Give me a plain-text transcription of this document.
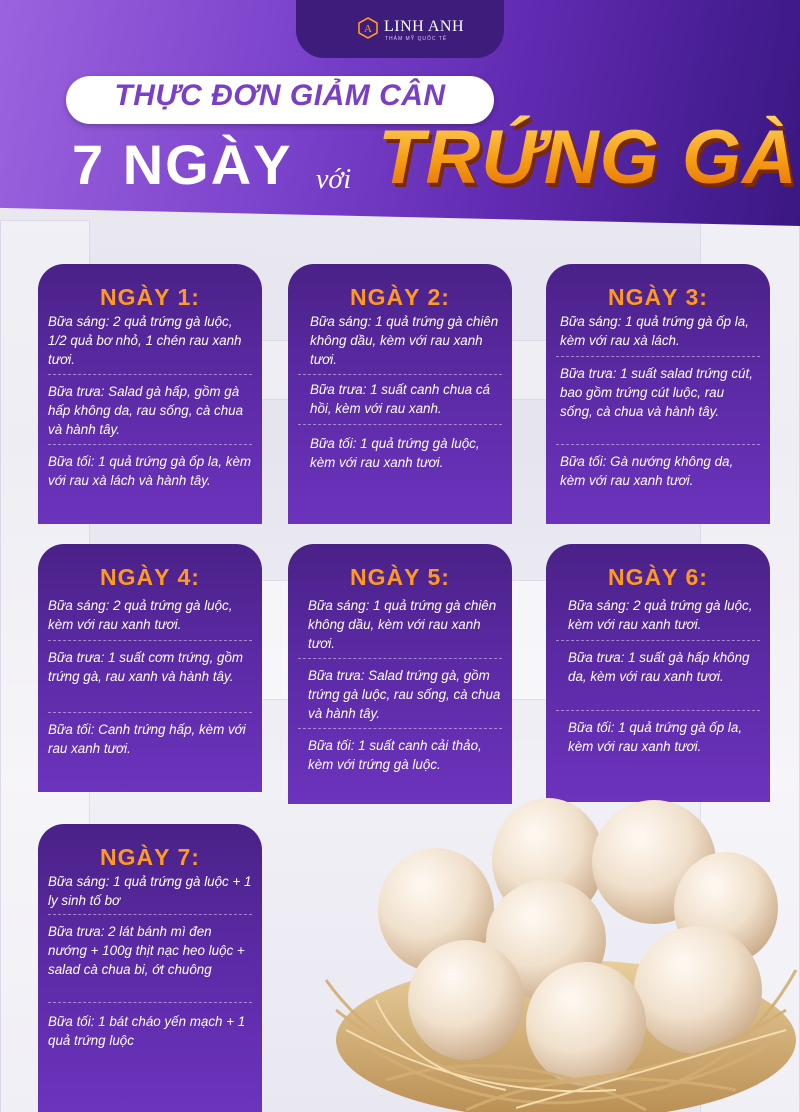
A LINH ANH
THẨM MỸ QUỐC TẾ
THỰC ĐƠN GIẢM CÂN
7 NGÀY với TRỨNG GÀ
NGÀY 1:
Bữa sáng: 2 quả trứng gà luộc, 1/2 quả bơ nhỏ, 1 chén rau xanh tươi.
Bữa trưa: Salad gà hấp, gồm gà hấp không da, rau sống, cà chua và hành tây.
Bữa tối: 1 quả trứng gà ốp la, kèm với rau xà lách và hành tây.
NGÀY 2:
Bữa sáng: 1 quả trứng gà chiên không dầu, kèm với rau xanh tươi.
Bữa trưa: 1 suất canh chua cá hồi, kèm với rau xanh.
Bữa tối: 1 quả trứng gà luộc, kèm với rau xanh tươi.
NGÀY 3:
Bữa sáng: 1 quả trứng gà ốp la, kèm với rau xà lách.
Bữa trưa: 1 suất salad trứng cút, bao gồm trứng cút luộc, rau sống, cà chua và hành tây.
Bữa tối: Gà nướng không da, kèm với rau xanh tươi.
NGÀY 4:
Bữa sáng: 2 quả trứng gà luộc, kèm với rau xanh tươi.
Bữa trưa: 1 suất cơm trứng, gồm trứng gà, rau xanh và hành tây.
Bữa tối: Canh trứng hấp, kèm với rau xanh tươi.
NGÀY 5:
Bữa sáng: 1 quả trứng gà chiên không dầu, kèm với rau xanh tươi.
Bữa trưa: Salad trứng gà, gồm trứng gà luộc, rau sống, cà chua và hành tây.
Bữa tối: 1 suất canh cải thảo, kèm với trứng gà luộc.
NGÀY 6:
Bữa sáng: 2 quả trứng gà luộc, kèm với rau xanh tươi.
Bữa trưa: 1 suất gà hấp không da, kèm với rau xanh tươi.
Bữa tối: 1 quả trứng gà ốp la, kèm với rau xanh tươi.
NGÀY 7:
Bữa sáng: 1 quả trứng gà luộc + 1 ly sinh tố bơ
Bữa trưa: 2 lát bánh mì đen nướng + 100g thịt nạc heo luộc + salad cà chua bi, ớt chuông
Bữa tối: 1 bát cháo yến mạch + 1 quả trứng luộc
